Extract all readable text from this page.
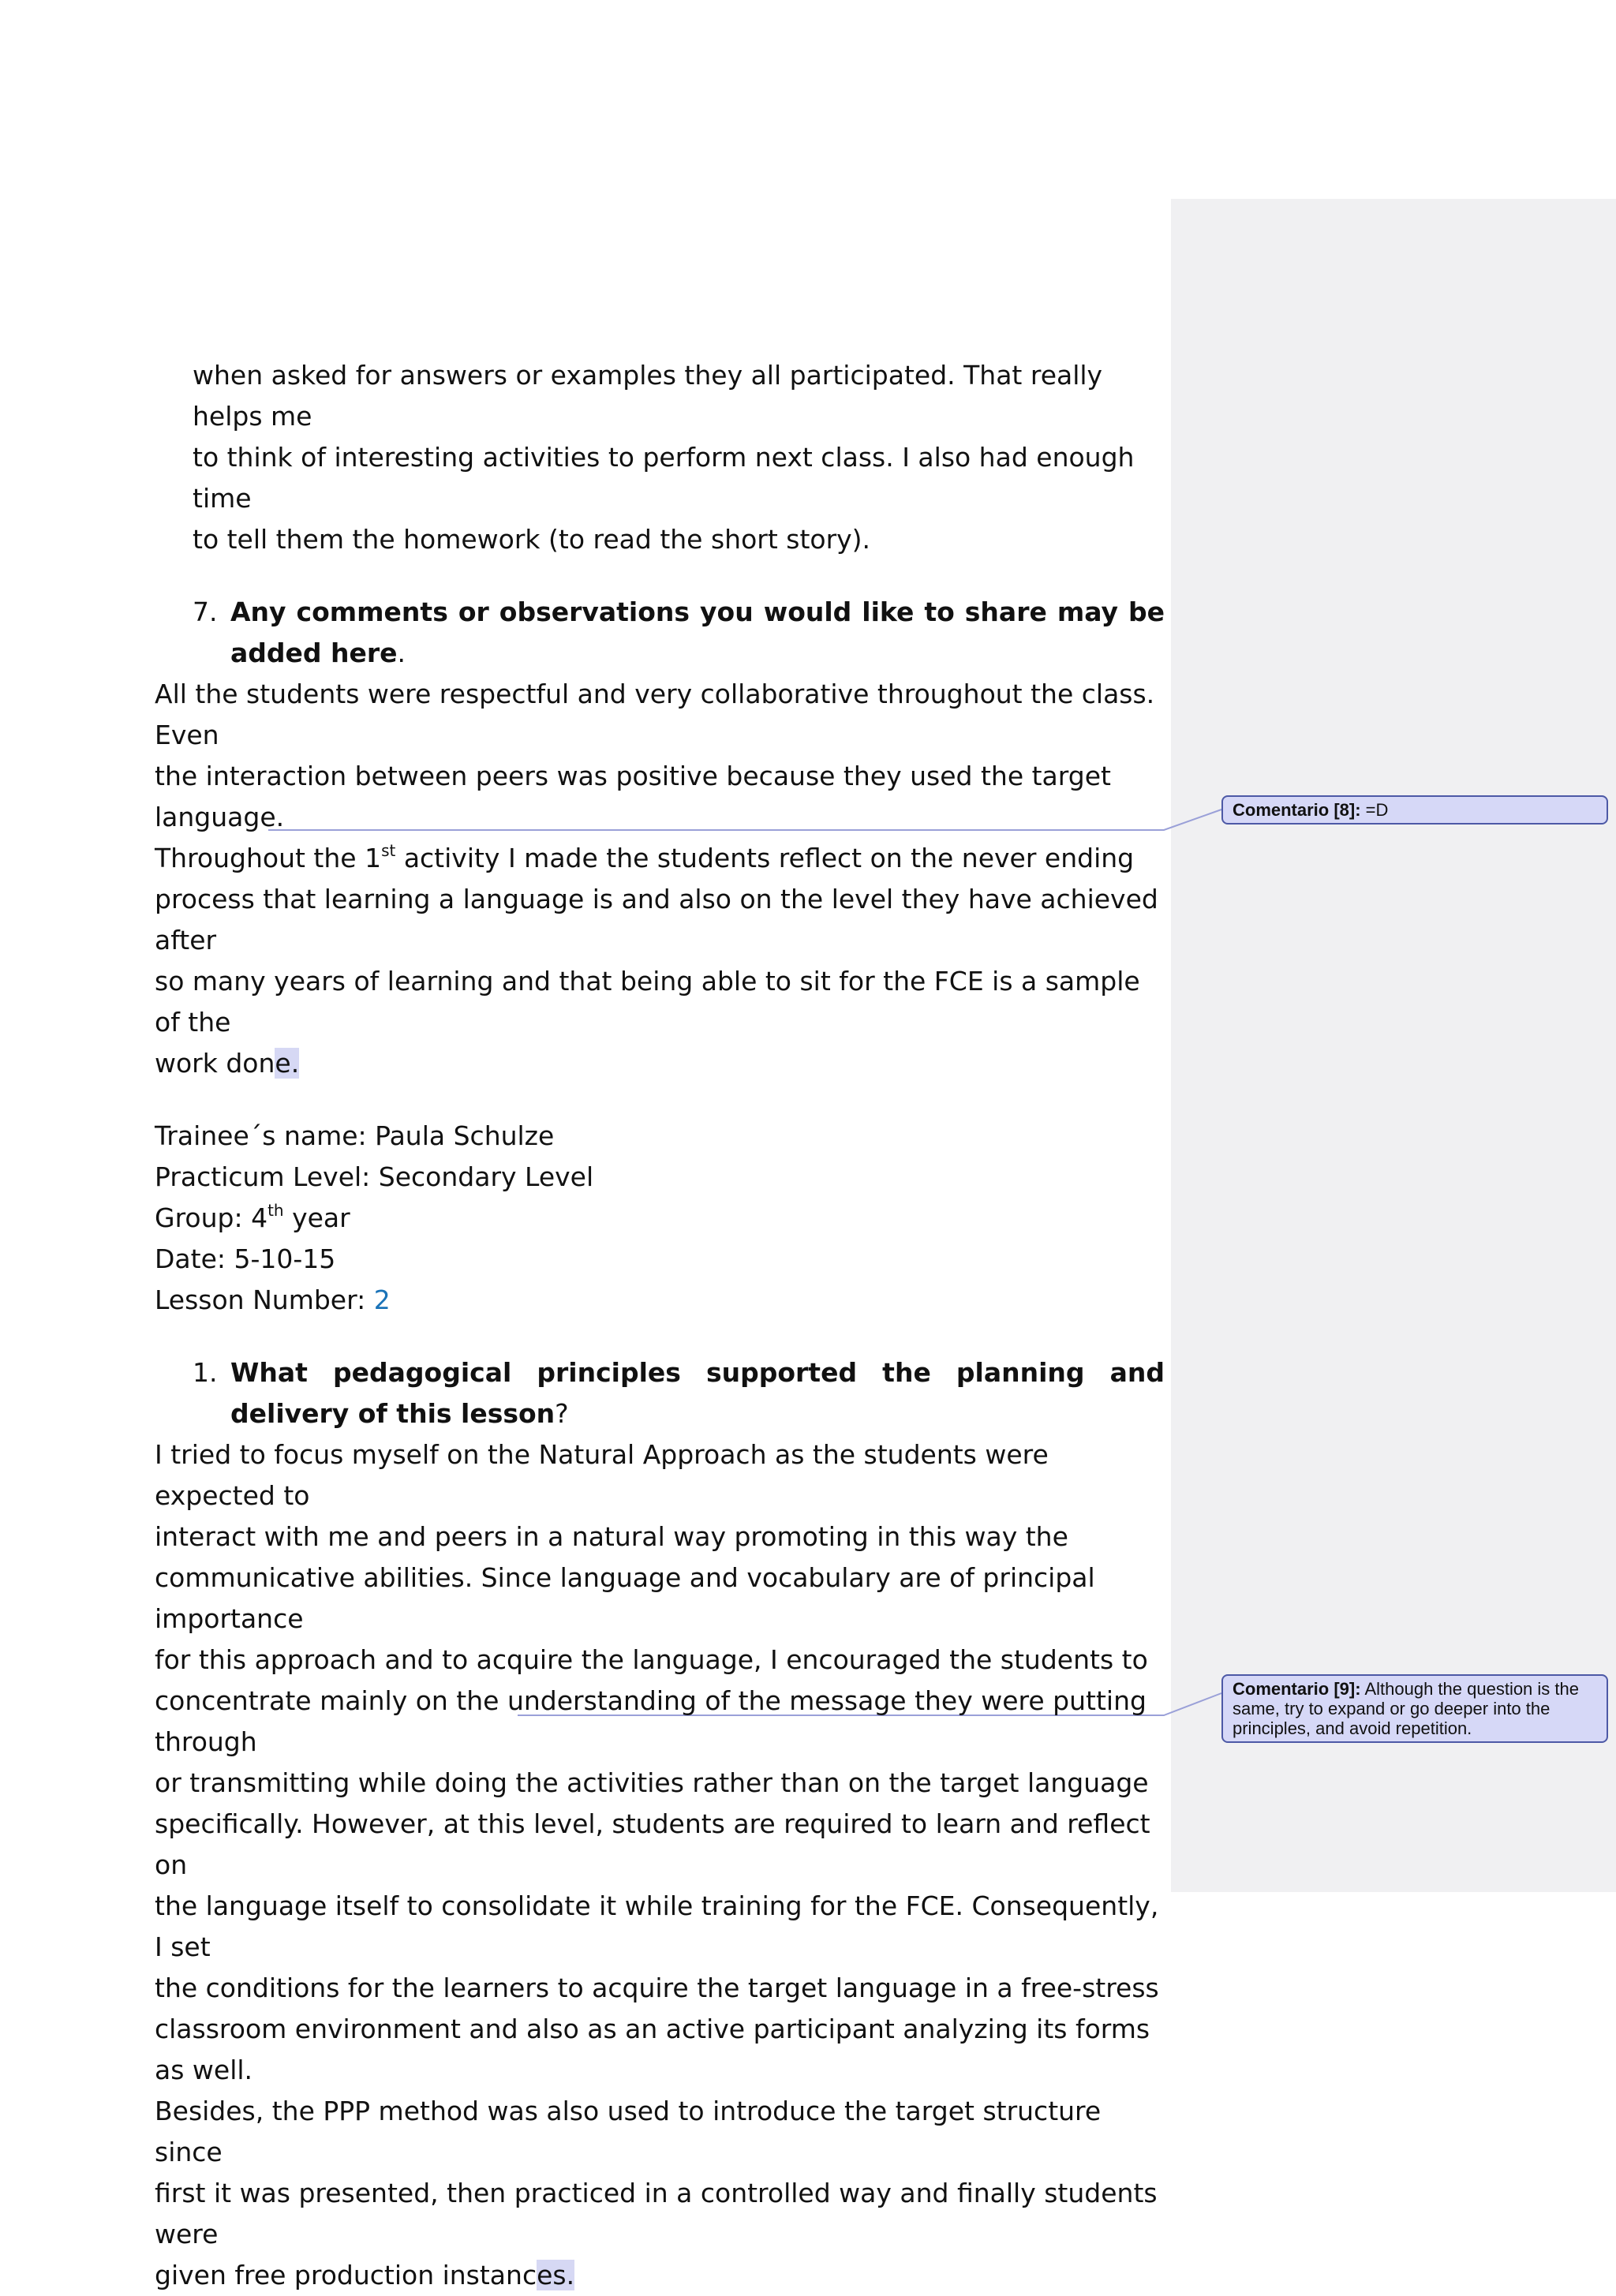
when asked for answers or examples they all participated. That really helps me
to think of interesting activities to perform next class. I also had enough time
to tell them the homework (to read the short story).
7. Any comments or observations you would like to share may be added here.
All the students were respectful and very collaborative throughout the class. Even
the interaction between peers was positive because they used the target language.
Throughout the 1st activity I made the students reflect on the never ending
process that learning a language is and also on the level they have achieved after
so many years of learning and that being able to sit for the FCE is a sample of the
work done.
Trainee´s name: Paula Schulze
Practicum Level: Secondary Level
Group: 4th year
Date: 5-10-15
Lesson Number: 2
1. What pedagogical principles supported the planning and delivery of this lesson?
I tried to focus myself on the Natural Approach as the students were expected to
interact with me and peers in a natural way promoting in this way the
communicative abilities. Since language and vocabulary are of principal importance
for this approach and to acquire the language, I encouraged the students to
concentrate mainly on the understanding of the message they were putting through
or transmitting while doing the activities rather than on the target language
specifically. However, at this level, students are required to learn and reflect on
the language itself to consolidate it while training for the FCE. Consequently, I set
the conditions for the learners to acquire the target language in a free-stress
classroom environment and also as an active participant analyzing its forms as well.
Besides, the PPP method was also used to introduce the target structure since
first it was presented, then practiced in a controlled way and finally students were
given free production instances.
Comentario [8]: =D
Comentario [9]: Although the question is the same, try to expand or go deeper into the principles, and avoid repetition.
